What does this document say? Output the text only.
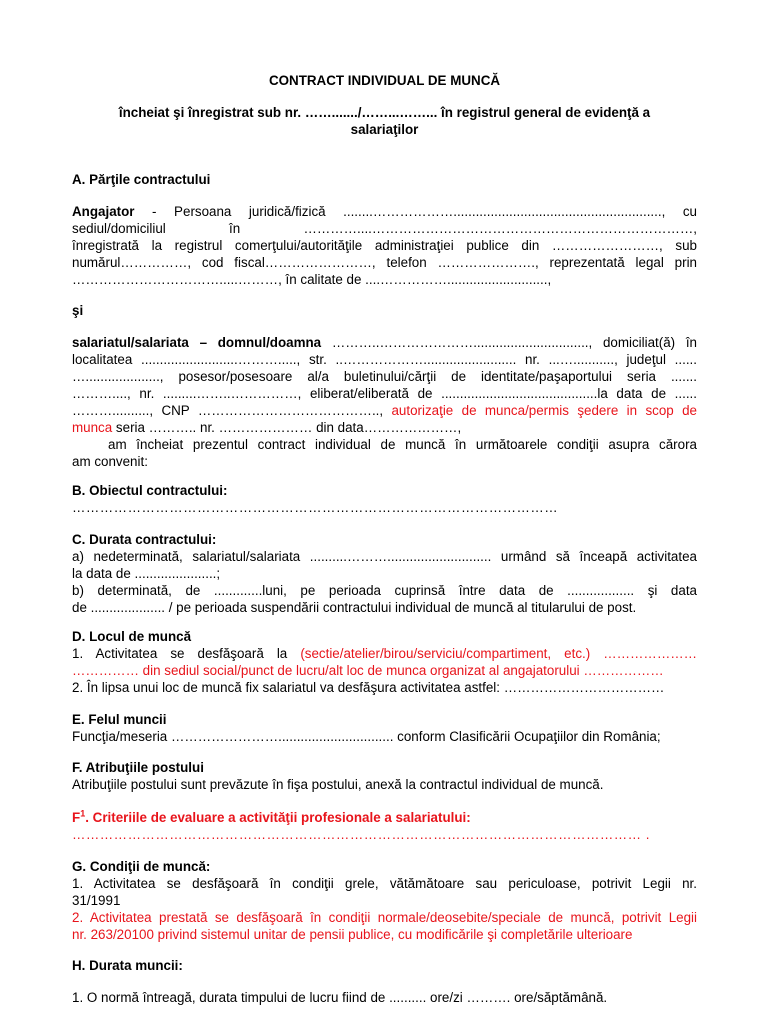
CONTRACT INDIVIDUAL DE MUNCĂ
încheiat şi înregistrat sub nr. ……......./……...……... în registrul general de evidenţă a
salariaţilor
A. Părţile contractului
Angajator - Persoana juridică/fizică ........………………........................................................, cu
sediul/domiciliul în …………....………………………………………………………………,
înregistrată la registrul comerţului/autorităţile administraţiei publice din ……………………, sub
numărul……………, cod fiscal……………………, telefon …………………., reprezentată legal prin
…………………………….....………, în calitate de ....……………...........................,
şi
salariatul/salariata – domnul/doamna ………..…………………..............................., domiciliat(ă) în
localitatea ..........................………....., str. ..………………......................... nr. ...…..........., judeţul ......
…...................., posesor/posesoare al/a buletinului/cărţii de identitate/paşaportului seria .......
………...., nr. .........……..……………, eliberat/eliberată de ..........................................la data de ......
……….........., CNP ………………………………….., autorizaţie de munca/permis şedere in scop de
munca seria ……….. nr. ………………… din data…………………,
am încheiat prezentul contract individual de muncă în următoarele condiţii asupra cărora
am convenit:
B. Obiectul contractului:
……………………………………………………………………………………………
C. Durata contractului:
a) nedeterminată, salariatul/salariata ..........………............................ urmând să înceapă activitatea
la data de ......................;
b) determinată, de .............luni, pe perioada cuprinsă între data de .................. şi data
de .................... / pe perioada suspendării contractului individual de muncă al titularului de post.
D. Locul de muncă
1. Activitatea se desfăşoară la (sectie/atelier/birou/serviciu/compartiment, etc.) …………………
…………… din sediul social/punct de lucru/alt loc de munca organizat al angajatorului ………………
2. În lipsa unui loc de muncă fix salariatul va desfăşura activitatea astfel: ………………………………
E. Felul muncii
Funcţia/meseria ……………………............................... conform Clasificării Ocupaţiilor din România;
F. Atribuţiile postului
Atribuţiile postului sunt prevăzute în fişa postului, anexă la contractul individual de muncă.
$F^1$. Criteriile de evaluare a activităţii profesionale a salariatului:
…………………………………………………………………………………………………………… .
G. Condiţii de muncă:
1. Activitatea se desfăşoară în condiţii grele, vătămătoare sau periculoase, potrivit Legii nr.
31/1991
2. Activitatea prestată se desfăşoară în condiţii normale/deosebite/speciale de muncă, potrivit Legii
nr. 263/20100 privind sistemul unitar de pensii publice, cu modificările şi completările ulterioare
H. Durata muncii:
1. O normă întreagă, durata timpului de lucru fiind de .......... ore/zi ………. ore/săptămână.
